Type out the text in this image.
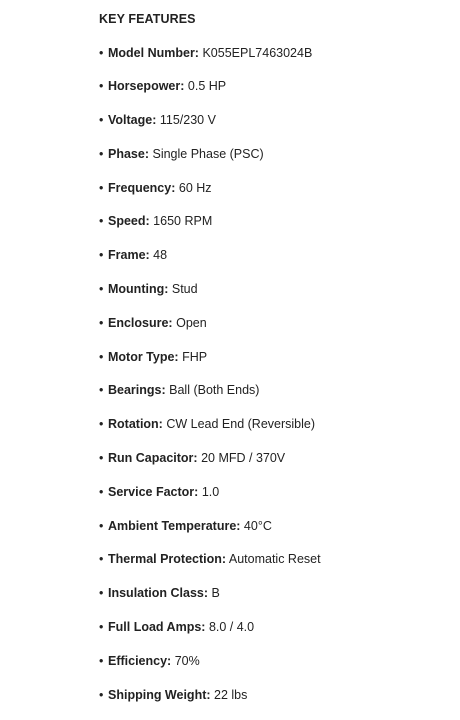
KEY FEATURES
• Model Number: K055EPL7463024B
• Horsepower: 0.5 HP
• Voltage: 115/230 V
• Phase: Single Phase (PSC)
• Frequency: 60 Hz
• Speed: 1650 RPM
• Frame: 48
• Mounting: Stud
• Enclosure: Open
• Motor Type: FHP
• Bearings: Ball (Both Ends)
• Rotation: CW Lead End (Reversible)
• Run Capacitor: 20 MFD / 370V
• Service Factor: 1.0
• Ambient Temperature: 40°C
• Thermal Protection: Automatic Reset
• Insulation Class: B
• Full Load Amps: 8.0 / 4.0
• Efficiency: 70%
• Shipping Weight: 22 lbs
